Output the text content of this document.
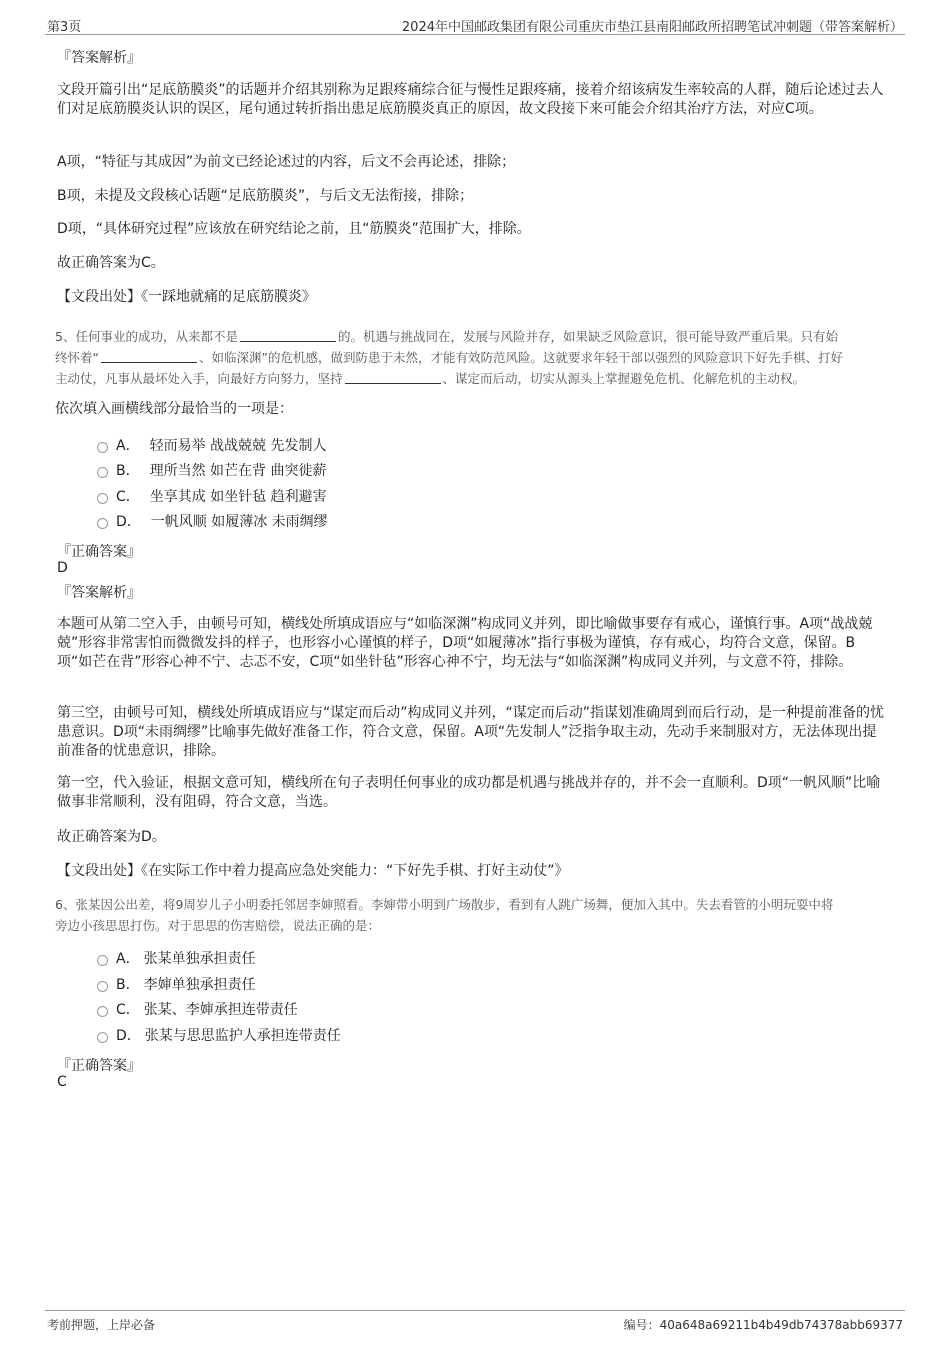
第3页	2024年中国邮政集团有限公司重庆市垫江县南阳邮政所招聘笔试冲刺题（带答案解析）
『答案解析』

文段开篇引出“足底筋膜炎”的话题并介绍其别称为足跟疼痛综合征与慢性足跟疼痛，接着介绍该病发生率较高的人群，随后论述过去人们对足底筋膜炎认识的误区，尾句通过转折指出患足底筋膜炎真正的原因，故文段接下来可能会介绍其治疗方法，对应C项。

A项，“特征与其成因”为前文已经论述过的内容，后文不会再论述，排除；
B项，未提及文段核心话题“足底筋膜炎”，与后文无法衔接，排除；
D项，“具体研究过程”应该放在研究结论之前，且“筋膜炎”范围扩大，排除。
故正确答案为C。
【文段出处】《一踩地就痛的足底筋膜炎》

5、任何事业的成功，从来都不是	的。机遇与挑战同在，发展与风险并存，如果缺乏风险意识，很可能导致严重后果。只有始
终怀着“	、如临深渊”的危机感，做到防患于未然，才能有效防范风险。这就要求年轻干部以强烈的风险意识下好先手棋、打好
主动仗，凡事从最坏处入手，向最好方向努力，坚持	、谋定而后动，切实从源头上掌握避免危机、化解危机的主动权。

依次填入画横线部分最恰当的一项是：
A． 轻而易举 战战兢兢 先发制人
B． 理所当然 如芒在背 曲突徙薪
C． 坐享其成 如坐针毡 趋利避害
D． 一帆风顺 如履薄冰 未雨绸缪
『正确答案』
D
『答案解析』

本题可从第二空入手，由顿号可知，横线处所填成语应与“如临深渊”构成同义并列，即比喻做事要存有戒心，谨慎行事。A项“战战兢兢”形容非常害怕而微微发抖的样子，也形容小心谨慎的样子，D项“如履薄冰”指行事极为谨慎，存有戒心，均符合文意，保留。B项“如芒在背”形容心神不宁、忐忑不安，C项“如坐针毡”形容心神不宁，均无法与“如临深渊”构成同义并列，与文意不符，排除。

第三空，由顿号可知，横线处所填成语应与“谋定而后动”构成同义并列，“谋定而后动”指谋划准确周到而后行动，是一种提前准备的忧患意识。D项“未雨绸缪”比喻事先做好准备工作，符合文意，保留。A项“先发制人”泛指争取主动，先动手来制服对方，无法体现出提前准备的忧患意识，排除。

第一空，代入验证，根据文意可知，横线所在句子表明任何事业的成功都是机遇与挑战并存的，并不会一直顺利。D项“一帆风顺”比喻做事非常顺利，没有阻碍，符合文意，当选。

故正确答案为D。
【文段出处】《在实际工作中着力提高应急处突能力：“下好先手棋、打好主动仗”》

6、张某因公出差，将9周岁儿子小明委托邻居李婶照看。李婶带小明到广场散步，看到有人跳广场舞，便加入其中。失去看管的小明玩耍中将
旁边小孩思思打伤。对于思思的伤害赔偿，说法正确的是：

A． 张某单独承担责任
B． 李婶单独承担责任
C． 张某、李婶承担连带责任
D． 张某与思思监护人承担连带责任
『正确答案』
C
考前押题，上岸必备	编号：40a648a69211b4b49db74378abb69377
